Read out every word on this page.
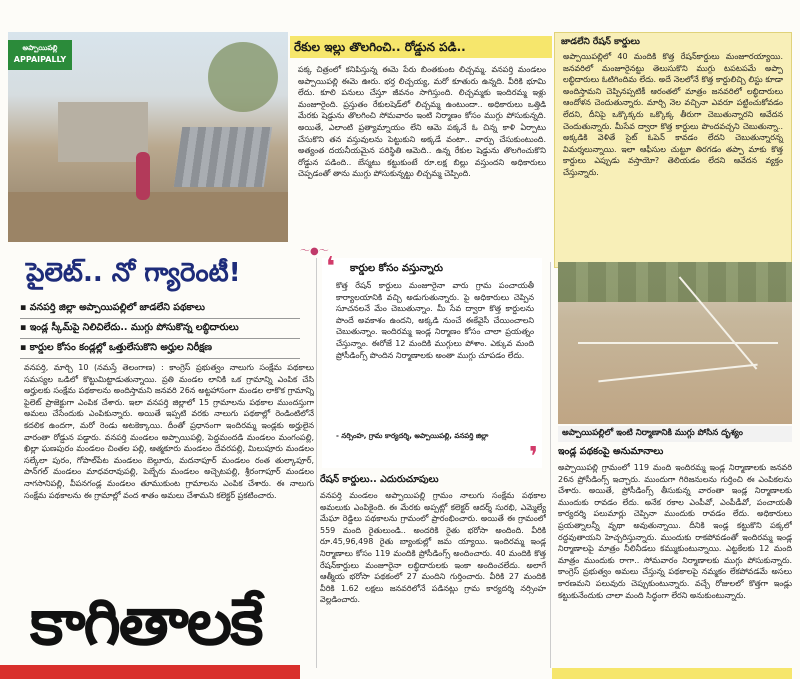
అప్పాయిపల్లి
APPAIPALLY
రేకుల ఇల్లు తొలగించి.. రోడ్డున పడి..
పక్క చిత్రంలో కనిపిస్తున్న ఈమె పేరు బింతకుంట లిచ్చమ్మ. వనపర్తి మండలం అప్పాయిపల్లి ఈమె ఊరు. భర్త లిచ్చయ్య, మరో కూతురు ఉన్నది. వీరికి భూమి లేదు. కూలి పనులు చేస్తూ జీవనం సాగిస్తుంది. లిచ్చమ్మకు ఇందిరమ్మ ఇళ్లు మంజూరైంది. ప్రస్తుతం రేకులషెడ్‌లో లిచ్చమ్మ ఉంటుందా.. అధికారులు ఒత్తిడి మేరకు షెడ్డును తొలగించి సోమవారం ఇంటి నిర్మాణం కోసం ముగ్గు పోసుకున్నది. అయితే, ఎలాంటి ప్రత్యామ్నాయం లేని ఆమె పక్కనే ఓ చిన్న కాళి ఏర్పాటు చేసుకొని తన వస్తువులను పెట్టుకుని అక్కడే వంటా.. వార్పు చేసుకుంటుంది. అత్యంత దయనీయమైన పరిస్థితి ఆమెది.. ఉన్న రేకుల షెడ్డును తొలగించుకొని రోడ్డున పడింది.. బేస్మటు కట్టుకుంటే రూ.లక్ష బిల్లు వస్తుందని అధికారులు చెప్పడంతో తాను ముగ్గు పోసుకున్నట్టు లిచ్చమ్మ చెప్పింది.
జాడలేని రేషన్ కార్డులు
అప్పాయిపల్లిలో 40 మందికి కొత్త రేషన్‌కార్డులు మంజూరయ్యాయి. జనవరిలో మంజూరైనట్టు తెలుసుకొని ముగ్గు టపటపమే అప్పా లబ్ధిదారులు ఓటిగిందిమ లేదు. అదే నెలలోనే కొత్త కార్డులిచ్చి లిస్టు కూడా అందిస్తామని చెప్పినప్పటికీ ఆరంతలో మాత్రం జనవరిలో లబ్ధిదారులు ఆందోళన చెందుతున్నారు. మార్చి నెల వచ్చినా ఎవరూ పట్టించుకోవడం లేదని, దీనిపై ఒక్కొక్కరు ఒక్కొక్క తీరుగా చెబుతున్నారని ఆవేదన చెందుతున్నారు. మీసేవ ద్వారా కొత్త కార్డులు పొందవచ్చని చెబుతున్నా.. అక్కడికి వెళితే సైట్ ఓపెన్ కావడం లేదని చెబుతున్నారన్న విమర్శలున్నాయి. ఇలా ఆఫీసుల చుట్టూ తిరగడం తప్పా మాకు కొత్త కార్డులు ఎప్పుడు వస్తాయో? తెలియడం లేదని ఆవేదన వ్యక్తం చేస్తున్నారు.
〜●〜
పైలెట్.. నో గ్యారెంటీ!
▪ వనపర్తి జిల్లా అప్పాయిపల్లిలో జాడలేని పథకాలు
▪ ఇండ్ల స్కీమ్‌పై నిలిచిలేదు.. ముగ్గు పోసుకొన్న లబ్ధిదారులు
▪ కార్డుల కోసం కండ్లల్లో ఒత్తులేసుకొని అర్హుల నిరీక్షణ
వనపర్తి, మార్చి 10 (నమస్తే తెలంగాణ) : కాంగ్రెస్ ప్రభుత్వం నాలుగు సంక్షేమ పథకాలు సమస్యల ఒడిలో కొట్టుమిట్టాడుతున్నాయి. ప్రతి మండల లానికి ఒక గ్రామాన్ని ఎంపిక చేసి అర్హులకు సంక్షేమ పథకాలను అందిస్తామని జనవరి 26న అట్టహాసంగా మండల లాకొక గ్రామాన్ని పైలెట్ ప్రాజెక్టుగా ఎంపిక చేశారు. ఇలా వనపర్తి జిల్లాలో 15 గ్రామాలను పథకాల ముందస్తుగా అమలు చేసేందుకు ఎంపికున్నారు. అయితే ఇప్పటి వరకు నాలుగు పథకాల్లో రెండింటిలోనే కదలిక ఉందగా, మరో రెండు అటకెక్కాయి. దీంతో ప్రధానంగా ఇందిరమ్మ ఇండ్లకు అర్హులైన వారంతా రోడ్డున పడ్డారు. వనపర్తి మండలం అప్పాయిపల్లి, పెద్దమందడి మండలం మంగంపల్లి, ఖిల్లా ఘణపురం మండలం చింతల పల్లి, ఆత్మకూరు మండలం దేవరపల్లి, మిలుపూరు మండలం సల్కేలా పురం, గోపాల్‌పేట మండలం బెల్గూరు, మదనాపూర్ మండలం రంత తుల్కాపూర్, పాన్‌గల్ మండలం మాధవరావుపల్లి, పెబ్బేరు మండలం అచ్చెటపల్లి, శ్రీరంగాపూర్ మండలం నాగసానిపల్లి, వీపనగండ్ల మండలం తూముకుంట గ్రామాలను ఎంపిక చేశారు. ఈ నాలుగు సంక్షేమ పథకాలను ఈ గ్రామాల్లో వంద శాతం అమలు చేశామని కలెక్టర్ ప్రకటించారు.
❛ కార్డుల కోసం వస్తున్నారు
కొత్త రేషన్ కార్డులు మంజూరైనా వారు గ్రామ పంచాయతీ కార్యాలయానికి వచ్చి అడుగుతున్నారు. పై అధికారులు చెప్పిన సూచనలనే మేం చెబుతున్నాం. మీ సేవ ద్వారా కొత్త కార్డులను పొందే అవకాశం ఉందని, అక్కడి నుంచే ఈకేవైసీ చేయించాలని చెబుతున్నాం. ఇందిరమ్మ ఇండ్ల నిర్మాణం కోసం చాలా ప్రయత్నం చేస్తున్నాం. ఈరోజే 12 మందికి ముగ్గులు పోశాం. ఎక్కువ మంది ప్రోసీడింగ్స్ పొందిన నిర్మాణాలకు అంతా ముగ్గు చూపడం లేదు.
- నర్సింహ, గ్రామ కార్యదర్శి, అప్పాయిపల్లి, వనపర్తి జిల్లా
❜
రేషన్ కార్డులు.. ఎదురుచూపులు
వనపర్తి మండలం అప్పాయిపల్లి గ్రామం నాలుగు సంక్షేమ పథకాల అమలుకు ఎంపికైంది. ఈ మేరకు అప్పట్లో కలెక్టర్ ఆదర్శ్ సురభి, ఎమ్మెల్యే మేఘా రెడ్డిలు పథకాలను గ్రామంలో ప్రారంభించారు. అయితే ఈ గ్రామంలో 559 మంది రైతులుండి.. అందరికి రైతు భరోసా అందింది. వీరికి రూ.45,96,498 రైతు బ్యాంకుల్లో జమ య్యాయి. ఇందిరమ్మ ఇండ్ల నిర్మాణాలు కోసం 119 మందికి ప్రోసీడింగ్స్ అందించారు. 40 మందికి కొత్త రేషన్‌కార్డులు మంజూరైనా లబ్ధిదారులకు ఇంకా అందించలేదు. అలాగే ఆత్మీయ భరోసా పథకంలో 27 మందిని గుర్తించారు. వీరికి 27 మందికి వీరికి 1.62 లక్షలు జనవరిలోనే పడినట్లు గ్రామ కార్యదర్శి నర్సింహ వెల్లడించారు.
అప్పాయిపల్లిలో ఇంటి నిర్మాణానికి ముగ్గు పోసిన దృశ్యం
ఇండ్ల పథకంపై అనుమానాలు
అప్పాయిపల్లి గ్రామంలో 119 మంది ఇందిరమ్మ ఇండ్ల నిర్మాణాలకు జనవరి 26న ప్రోసీడింగ్స్ ఇచ్చారు. ముందుగా గిరిజనులను గుర్తించి ఈ ఎంపికలను చేశారు. అయితే, ప్రోసీడింగ్స్ తీసుకున్న వారంతా ఇండ్ల నిర్మాణాలకు ముందుకు రావడం లేదు. అనేక రకాల ఎంపీవో, ఎంపీడీవో, పంచాయతీ కార్యదర్శి పలుమార్లు చెప్పినా ముందుకు రావడం లేదు. అధికారులు ప్రయత్నాలన్నీ వృథా అవుతున్నాయి. దీనికి ఇండ్ల కట్టుకొని పక్కలో రద్దవుతాయని హెచ్చరిస్తున్నారు. ముందుకు రాకపోవడంతో ఇందిరమ్మ ఇండ్ల నిర్మాణాలపై మాత్రం నీలినీడలు కమ్ముకుంటున్నాయి. ఎట్టకేలకు 12 మంది మాత్రం ముందుకు రాగా.. సోమవారం నిర్మాణాలకు ముగ్గు పోసుకున్నారు. కాంగ్రెస్ ప్రభుత్వం అమలు చేస్తున్న పథకాలపై నమ్మకం లేకపోవడమే అసలు కారణమని పలువురు చెప్పుకుంటున్నారు. వచ్చే రోజులలో కొత్తగా ఇండ్లు కట్టుకునేందుకు చాలా మంది సిద్ధంగా లేరని అనుకుంటున్నారు.
కాగితాలకే
